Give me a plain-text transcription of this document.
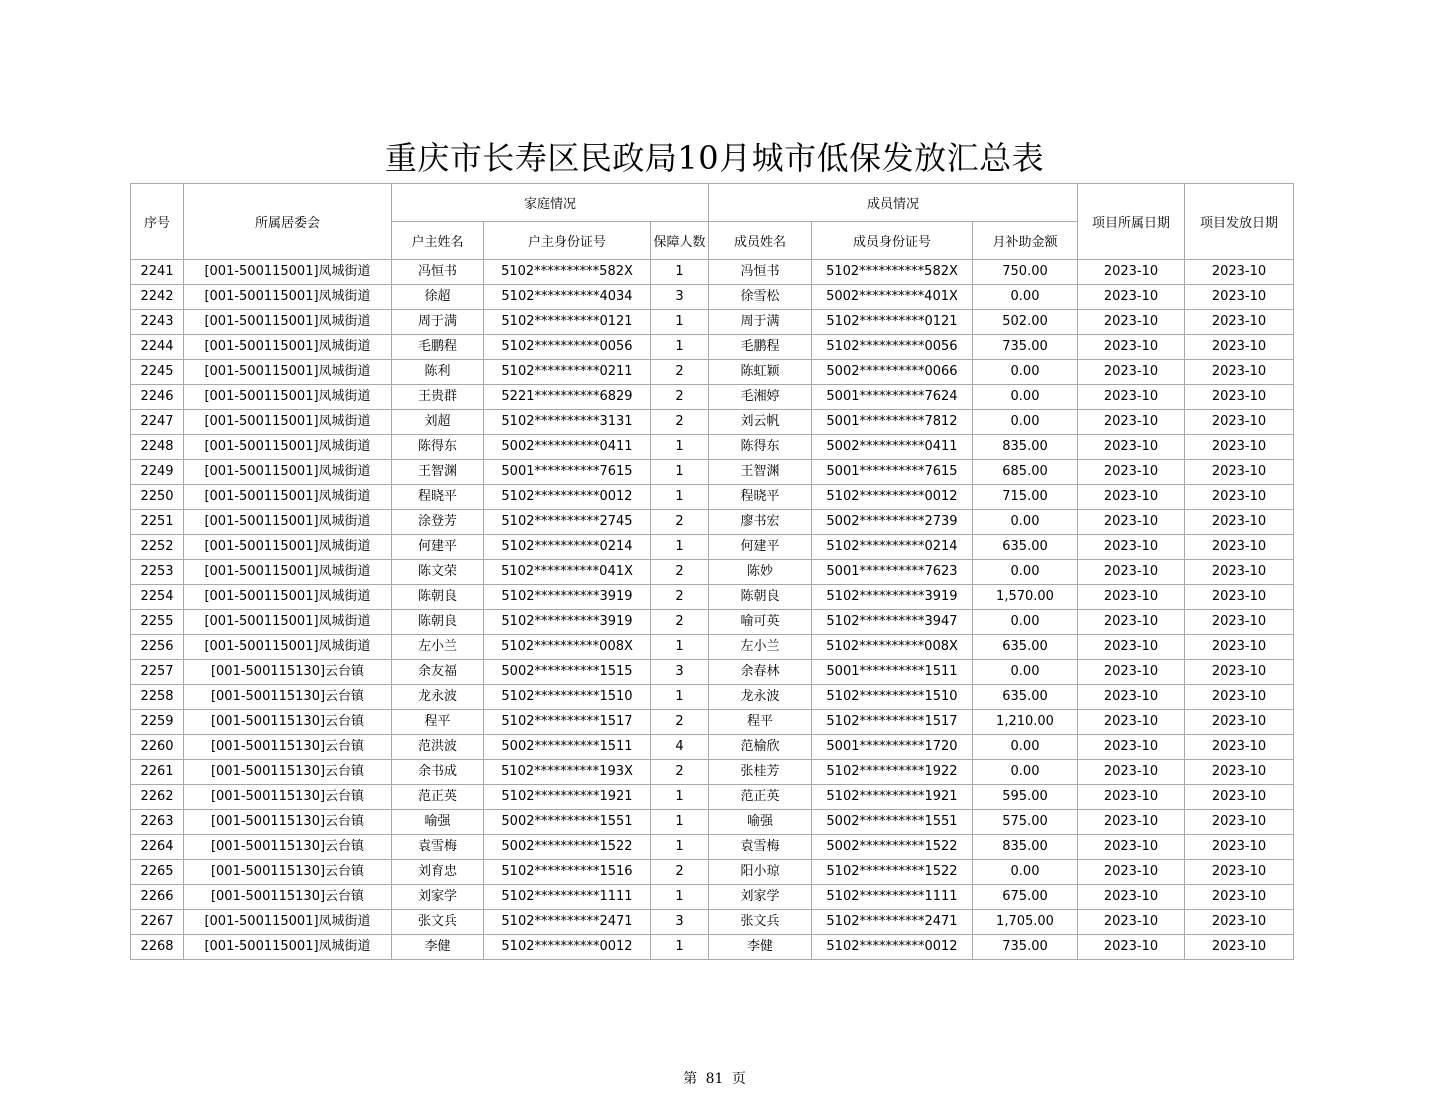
重庆市长寿区民政局10月城市低保发放汇总表
序号	所属居委会	家庭情况			成员情况			项目所属日期	项目发放日期
		户主姓名	户主身份证号	保障人数	成员姓名	成员身份证号	月补助金额		
2241	[001-500115001]凤城街道	冯恒书	5102**********582X	1	冯恒书	5102**********582X	750.00	2023-10	2023-10
2242	[001-500115001]凤城街道	徐超	5102**********4034	3	徐雪松	5002**********401X	0.00	2023-10	2023-10
2243	[001-500115001]凤城街道	周于满	5102**********0121	1	周于满	5102**********0121	502.00	2023-10	2023-10
2244	[001-500115001]凤城街道	毛鹏程	5102**********0056	1	毛鹏程	5102**********0056	735.00	2023-10	2023-10
2245	[001-500115001]凤城街道	陈利	5102**********0211	2	陈虹颖	5002**********0066	0.00	2023-10	2023-10
2246	[001-500115001]凤城街道	王贵群	5221**********6829	2	毛湘婷	5001**********7624	0.00	2023-10	2023-10
2247	[001-500115001]凤城街道	刘超	5102**********3131	2	刘云帆	5001**********7812	0.00	2023-10	2023-10
2248	[001-500115001]凤城街道	陈得东	5002**********0411	1	陈得东	5002**********0411	835.00	2023-10	2023-10
2249	[001-500115001]凤城街道	王智渊	5001**********7615	1	王智渊	5001**********7615	685.00	2023-10	2023-10
2250	[001-500115001]凤城街道	程晓平	5102**********0012	1	程晓平	5102**********0012	715.00	2023-10	2023-10
2251	[001-500115001]凤城街道	涂登芳	5102**********2745	2	廖书宏	5002**********2739	0.00	2023-10	2023-10
2252	[001-500115001]凤城街道	何建平	5102**********0214	1	何建平	5102**********0214	635.00	2023-10	2023-10
2253	[001-500115001]凤城街道	陈文荣	5102**********041X	2	陈妙	5001**********7623	0.00	2023-10	2023-10
2254	[001-500115001]凤城街道	陈朝良	5102**********3919	2	陈朝良	5102**********3919	1,570.00	2023-10	2023-10
2255	[001-500115001]凤城街道	陈朝良	5102**********3919	2	喻可英	5102**********3947	0.00	2023-10	2023-10
2256	[001-500115001]凤城街道	左小兰	5102**********008X	1	左小兰	5102**********008X	635.00	2023-10	2023-10
2257	[001-500115130]云台镇	余友福	5002**********1515	3	余春林	5001**********1511	0.00	2023-10	2023-10
2258	[001-500115130]云台镇	龙永波	5102**********1510	1	龙永波	5102**********1510	635.00	2023-10	2023-10
2259	[001-500115130]云台镇	程平	5102**********1517	2	程平	5102**********1517	1,210.00	2023-10	2023-10
2260	[001-500115130]云台镇	范洪波	5002**********1511	4	范榆欣	5001**********1720	0.00	2023-10	2023-10
2261	[001-500115130]云台镇	余书成	5102**********193X	2	张桂芳	5102**********1922	0.00	2023-10	2023-10
2262	[001-500115130]云台镇	范正英	5102**********1921	1	范正英	5102**********1921	595.00	2023-10	2023-10
2263	[001-500115130]云台镇	喻强	5002**********1551	1	喻强	5002**********1551	575.00	2023-10	2023-10
2264	[001-500115130]云台镇	袁雪梅	5002**********1522	1	袁雪梅	5002**********1522	835.00	2023-10	2023-10
2265	[001-500115130]云台镇	刘育忠	5102**********1516	2	阳小琼	5102**********1522	0.00	2023-10	2023-10
2266	[001-500115130]云台镇	刘家学	5102**********1111	1	刘家学	5102**********1111	675.00	2023-10	2023-10
2267	[001-500115001]凤城街道	张文兵	5102**********2471	3	张文兵	5102**********2471	1,705.00	2023-10	2023-10
2268	[001-500115001]凤城街道	李健	5102**********0012	1	李健	5102**********0012	735.00	2023-10	2023-10
第 81 页
